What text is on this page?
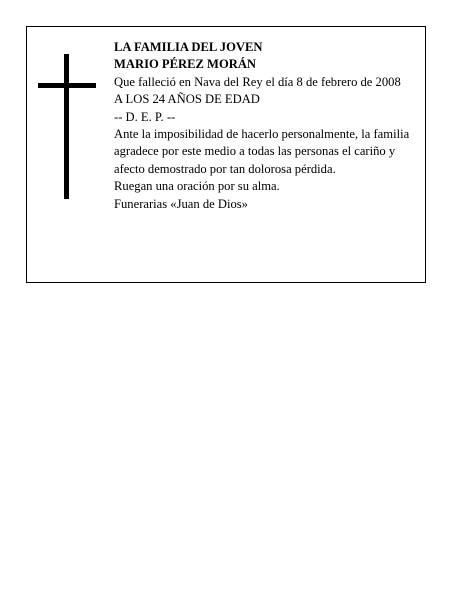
LA FAMILIA DEL JOVEN
MARIO PÉREZ MORÁN
Que falleció en Nava del Rey el día 8 de febrero de 2008
A LOS 24 AÑOS DE EDAD
-- D. E. P. --
Ante la imposibilidad de hacerlo personalmente, la familia agradece por este medio a todas las personas el cariño y afecto demostrado por tan dolorosa pérdida.
Ruegan una oración por su alma.
Funerarias «Juan de Dios»
